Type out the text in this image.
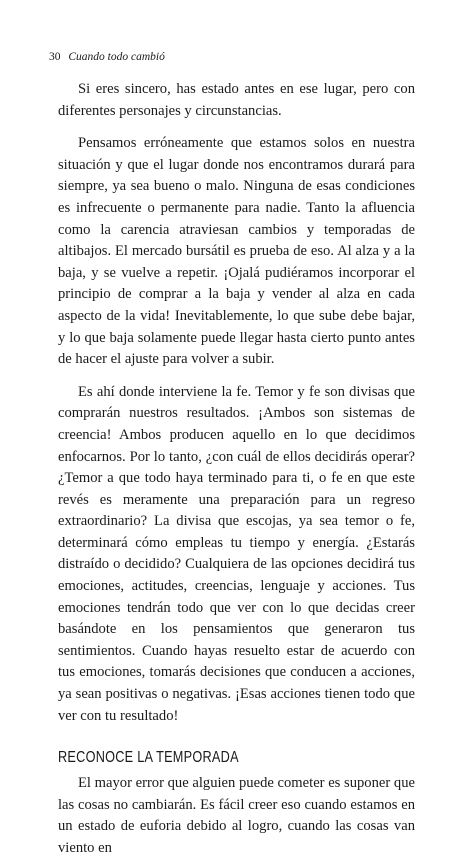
30 Cuando todo cambió

Si eres sincero, has estado antes en ese lugar, pero con diferentes personajes y circunstancias.

Pensamos erróneamente que estamos solos en nuestra situación y que el lugar donde nos encontramos durará para siempre, ya sea bueno o malo. Ninguna de esas condiciones es infrecuente o permanente para nadie. Tanto la afluencia como la carencia atraviesan cambios y temporadas de altibajos. El mercado bursátil es prueba de eso. Al alza y a la baja, y se vuelve a repetir. ¡Ojalá pudiéramos incorporar el principio de comprar a la baja y vender al alza en cada aspecto de la vida! Inevitablemente, lo que sube debe bajar, y lo que baja solamente puede llegar hasta cierto punto antes de hacer el ajuste para volver a subir.

Es ahí donde interviene la fe. Temor y fe son divisas que comprarán nuestros resultados. ¡Ambos son sistemas de creencia! Ambos producen aquello en lo que decidimos enfocarnos. Por lo tanto, ¿con cuál de ellos decidirás operar? ¿Temor a que todo haya terminado para ti, o fe en que este revés es meramente una preparación para un regreso extraordinario? La divisa que escojas, ya sea temor o fe, determinará cómo empleas tu tiempo y energía. ¿Estarás distraído o decidido? Cualquiera de las opciones decidirá tus emociones, actitudes, creencias, lenguaje y acciones. Tus emociones tendrán todo que ver con lo que decidas creer basándote en los pensamientos que generaron tus sentimientos. Cuando hayas resuelto estar de acuerdo con tus emociones, tomarás decisiones que conducen a acciones, ya sean positivas o negativas. ¡Esas acciones tienen todo que ver con tu resultado!

RECONOCE LA TEMPORADA

El mayor error que alguien puede cometer es suponer que las cosas no cambiarán. Es fácil creer eso cuando estamos en un estado de euforia debido al logro, cuando las cosas van viento en
